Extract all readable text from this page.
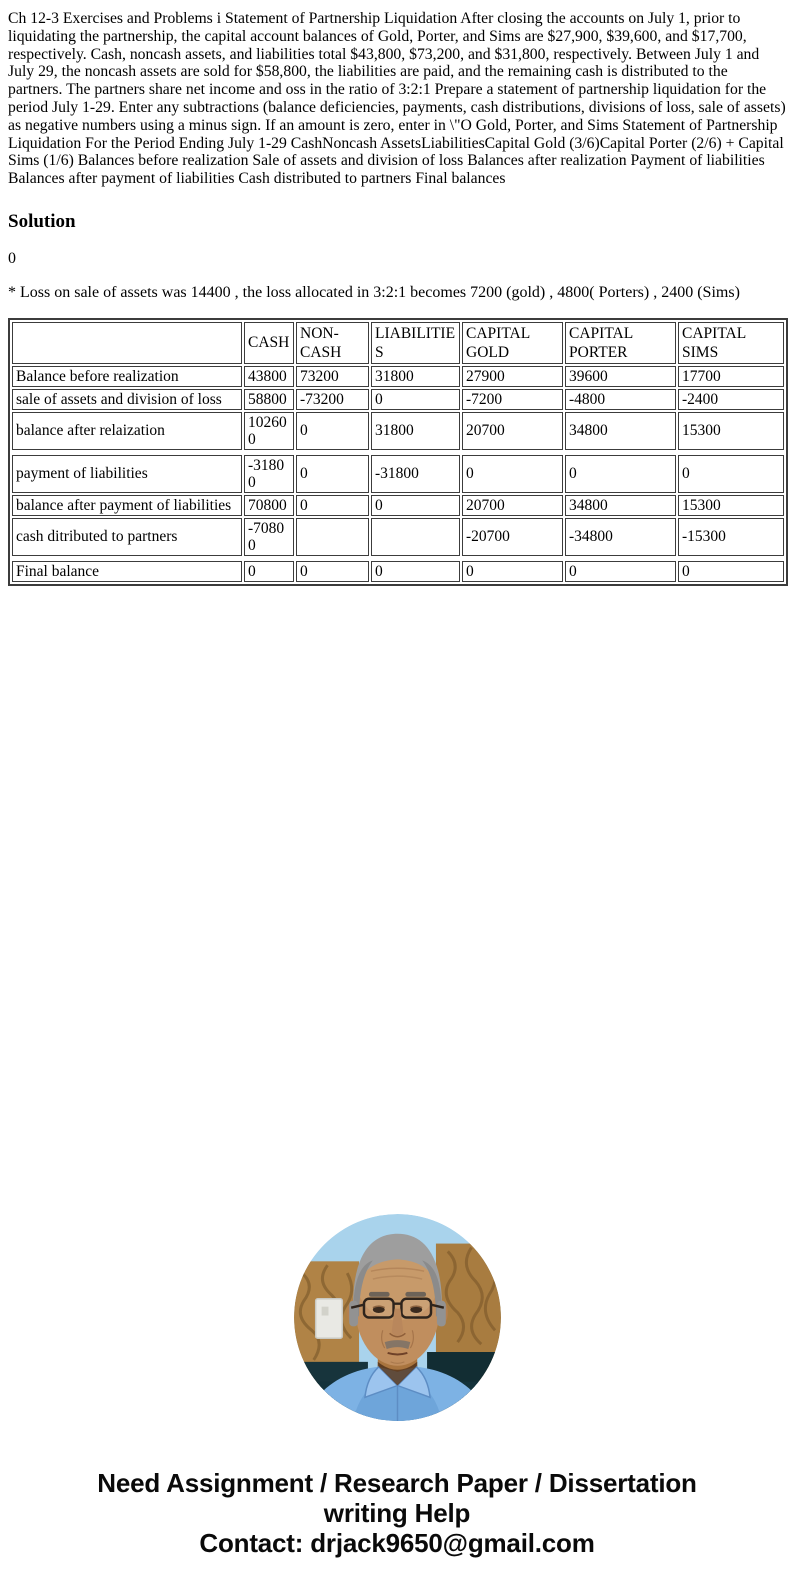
Ch 12-3 Exercises and Problems i Statement of Partnership Liquidation After closing the accounts on July 1, prior to liquidating the partnership, the capital account balances of Gold, Porter, and Sims are $27,900, $39,600, and $17,700, respectively. Cash, noncash assets, and liabilities total $43,800, $73,200, and $31,800, respectively. Between July 1 and July 29, the noncash assets are sold for $58,800, the liabilities are paid, and the remaining cash is distributed to the partners. The partners share net income and oss in the ratio of 3:2:1 Prepare a statement of partnership liquidation for the period July 1-29. Enter any subtractions (balance deficiencies, payments, cash distributions, divisions of loss, sale of assets) as negative numbers using a minus sign. If an amount is zero, enter in \"O Gold, Porter, and Sims Statement of Partnership Liquidation For the Period Ending July 1-29 CashNoncash AssetsLiabilitiesCapital Gold (3/6)Capital Porter (2/6) + Capital Sims (1/6) Balances before realization Sale of assets and division of loss Balances after realization Payment of liabilities Balances after payment of liabilities Cash distributed to partners Final balances

Solution

0

* Loss on sale of assets was 14400 , the loss allocated in 3:2:1 becomes 7200 (gold) , 4800( Porters) , 2400 (Sims)

	CASH	NON-CASH	LIABILITIES	CAPITAL GOLD	CAPITAL PORTER	CAPITAL SIMS
Balance before realization	43800	73200	31800	27900	39600	17700
sale of assets and division of loss	58800	-73200	0	-7200	-4800	-2400
balance after relaization	102600	0	31800	20700	34800	15300

payment of liabilities	-31800	0	-31800	0	0	0
balance after payment of liabilities	70800	0	0	20700	34800	15300
cash ditributed to partners	-70800			-20700	-34800	-15300

Final balance	0	0	0	0	0	0
Need Assignment / Research Paper / Dissertation
writing Help
Contact: drjack9650@gmail.com
